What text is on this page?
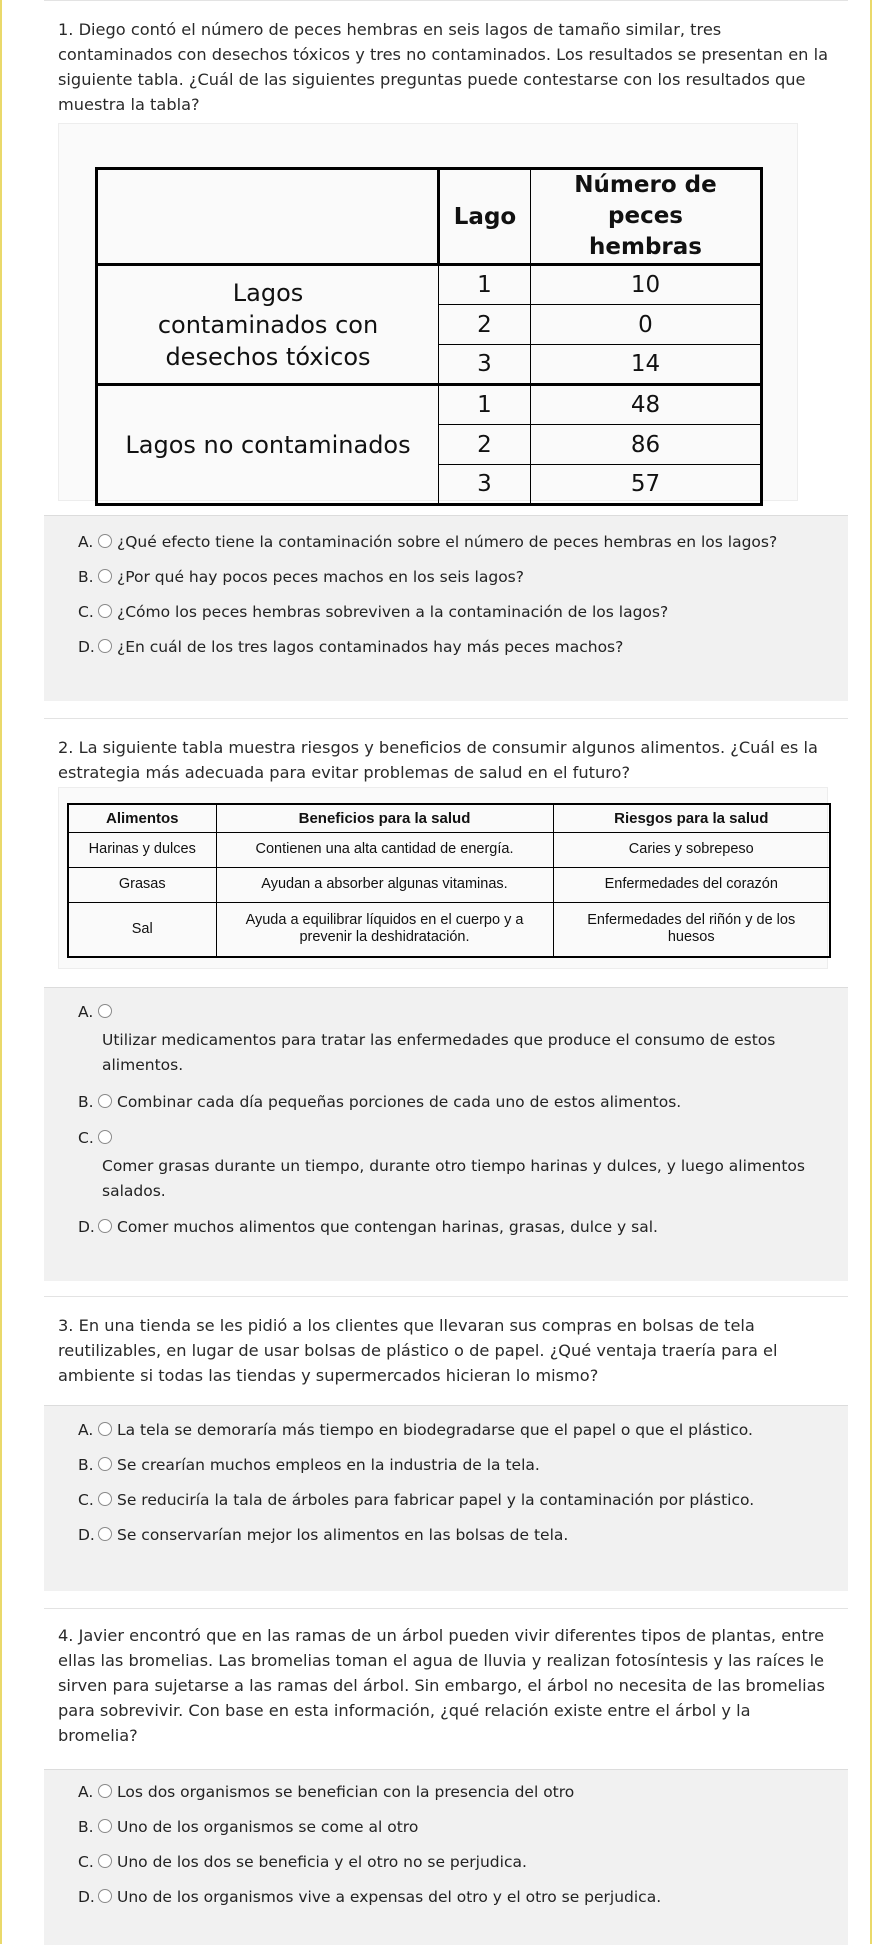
1. Diego contó el número de peces hembras en seis lagos de tamaño similar, tres contaminados con desechos tóxicos y tres no contaminados. Los resultados se presentan en la siguiente tabla. ¿Cuál de las siguientes preguntas puede contestarse con los resultados que muestra la tabla?

	Lago	Número de peces hembras
Lagos contaminados con desechos tóxicos	1	10
	2	0
	3	14
Lagos no contaminados	1	48
	2	86
	3	57
A. ¿Qué efecto tiene la contaminación sobre el número de peces hembras en los lagos?
B. ¿Por qué hay pocos peces machos en los seis lagos?
C. ¿Cómo los peces hembras sobreviven a la contaminación de los lagos?
D. ¿En cuál de los tres lagos contaminados hay más peces machos?

2. La siguiente tabla muestra riesgos y beneficios de consumir algunos alimentos. ¿Cuál es la estrategia más adecuada para evitar problemas de salud en el futuro?

Alimentos	Beneficios para la salud	Riesgos para la salud
Harinas y dulces	Contienen una alta cantidad de energía.	Caries y sobrepeso
Grasas	Ayudan a absorber algunas vitaminas.	Enfermedades del corazón
Sal	Ayuda a equilibrar líquidos en el cuerpo y a prevenir la deshidratación.	Enfermedades del riñón y de los huesos
A.
Utilizar medicamentos para tratar las enfermedades que produce el consumo de estos alimentos.
B. Combinar cada día pequeñas porciones de cada uno de estos alimentos.
C.
Comer grasas durante un tiempo, durante otro tiempo harinas y dulces, y luego alimentos salados.
D. Comer muchos alimentos que contengan harinas, grasas, dulce y sal.

3. En una tienda se les pidió a los clientes que llevaran sus compras en bolsas de tela reutilizables, en lugar de usar bolsas de plástico o de papel. ¿Qué ventaja traería para el ambiente si todas las tiendas y supermercados hicieran lo mismo?

A. La tela se demoraría más tiempo en biodegradarse que el papel o que el plástico.
B. Se crearían muchos empleos en la industria de la tela.
C. Se reduciría la tala de árboles para fabricar papel y la contaminación por plástico.
D. Se conservarían mejor los alimentos en las bolsas de tela.

4. Javier encontró que en las ramas de un árbol pueden vivir diferentes tipos de plantas, entre ellas las bromelias. Las bromelias toman el agua de lluvia y realizan fotosíntesis y las raíces le sirven para sujetarse a las ramas del árbol. Sin embargo, el árbol no necesita de las bromelias para sobrevivir. Con base en esta información, ¿qué relación existe entre el árbol y la bromelia?

A. Los dos organismos se benefician con la presencia del otro
B. Uno de los organismos se come al otro
C. Uno de los dos se beneficia y el otro no se perjudica.
D. Uno de los organismos vive a expensas del otro y el otro se perjudica.
